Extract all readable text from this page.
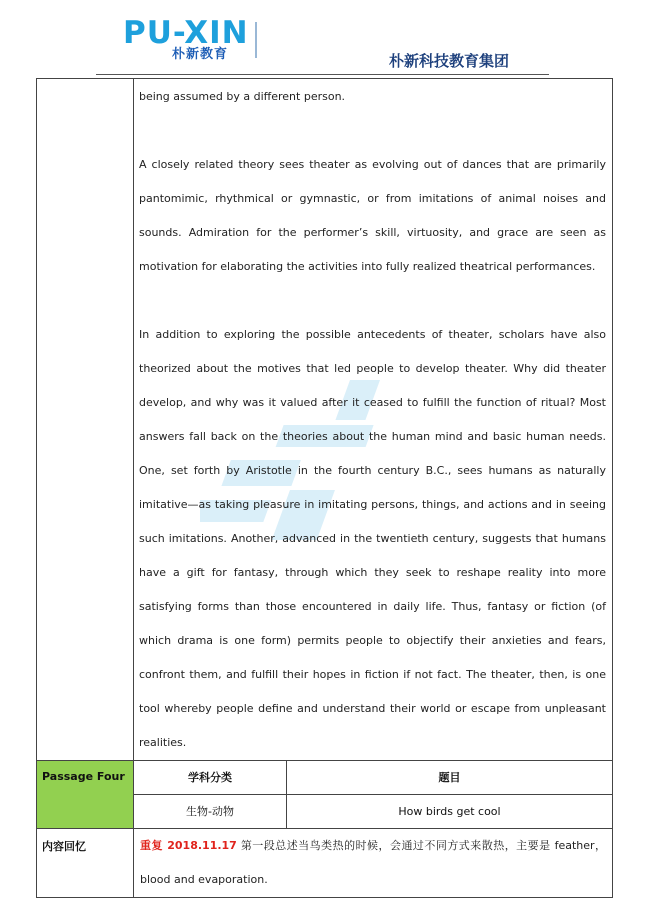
PU-XIN
朴新教育	朴新科技教育集团

	being assumed by a different person.

A closely related theory sees theater as evolving out of dances that are primarily pantomimic, rhythmical or gymnastic, or from imitations of animal noises and sounds. Admiration for the performer’s skill, virtuosity, and grace are seen as motivation for elaborating the activities into fully realized theatrical performances.

In addition to exploring the possible antecedents of theater, scholars have also theorized about the motives that led people to develop theater. Why did theater develop, and why was it valued after it ceased to fulfill the function of ritual? Most answers fall back on the theories about the human mind and basic human needs. One, set forth by Aristotle in the fourth century B.C., sees humans as naturally imitative—as taking pleasure in imitating persons, things, and actions and in seeing such imitations. Another, advanced in the twentieth century, suggests that humans have a gift for fantasy, through which they seek to reshape reality into more satisfying forms than those encountered in daily life. Thus, fantasy or fiction (of which drama is one form) permits people to objectify their anxieties and fears, confront them, and fulfill their hopes in fiction if not fact. The theater, then, is one tool whereby people define and understand their world or escape from unpleasant realities.	

Passage Four	学科分类	题目

	生物-动物	How birds get cool

内容回忆	重复 2018.11.17 第一段总述当鸟类热的时候，会通过不同方式来散热，主要是 feather，blood and evaporation.	
